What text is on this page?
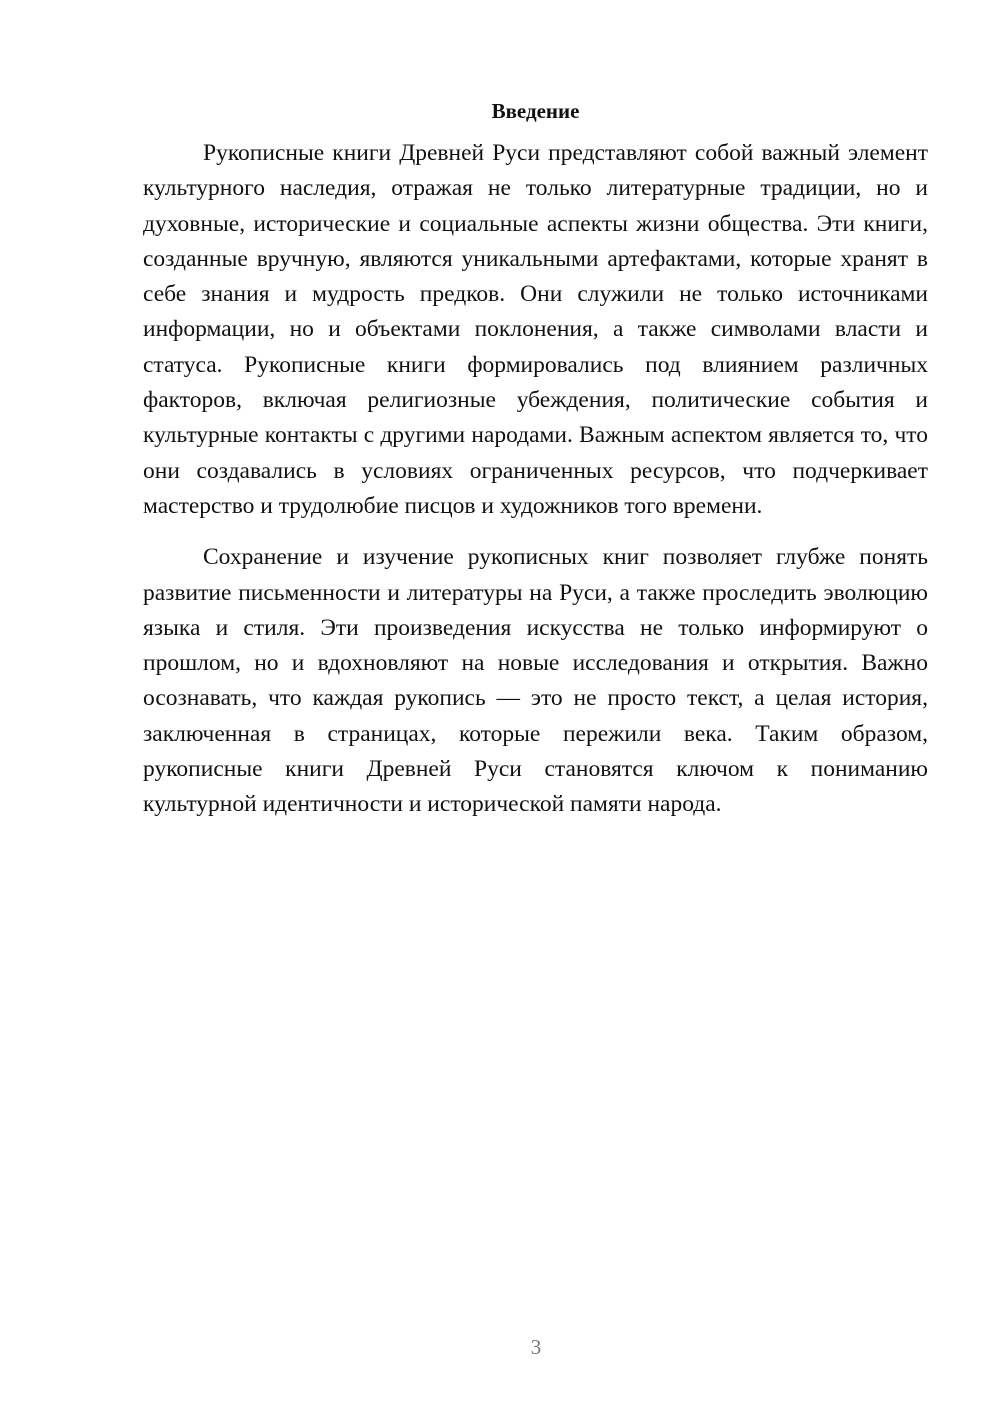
Введение

Рукописные книги Древней Руси представляют собой важный элемент культурного наследия, отражая не только литературные традиции, но и духовные, исторические и социальные аспекты жизни общества. Эти книги, созданные вручную, являются уникальными артефактами, которые хранят в себе знания и мудрость предков. Они служили не только источниками информации, но и объектами поклонения, а также символами власти и статуса. Рукописные книги формировались под влиянием различных факторов, включая религиозные убеждения, политические события и культурные контакты с другими народами. Важным аспектом является то, что они создавались в условиях ограниченных ресурсов, что подчеркивает мастерство и трудолюбие писцов и художников того времени.

Сохранение и изучение рукописных книг позволяет глубже понять развитие письменности и литературы на Руси, а также проследить эволюцию языка и стиля. Эти произведения искусства не только информируют о прошлом, но и вдохновляют на новые исследования и открытия. Важно осознавать, что каждая рукопись — это не просто текст, а целая история, заключенная в страницах, которые пережили века. Таким образом, рукописные книги Древней Руси становятся ключом к пониманию культурной идентичности и исторической памяти народа.

3
